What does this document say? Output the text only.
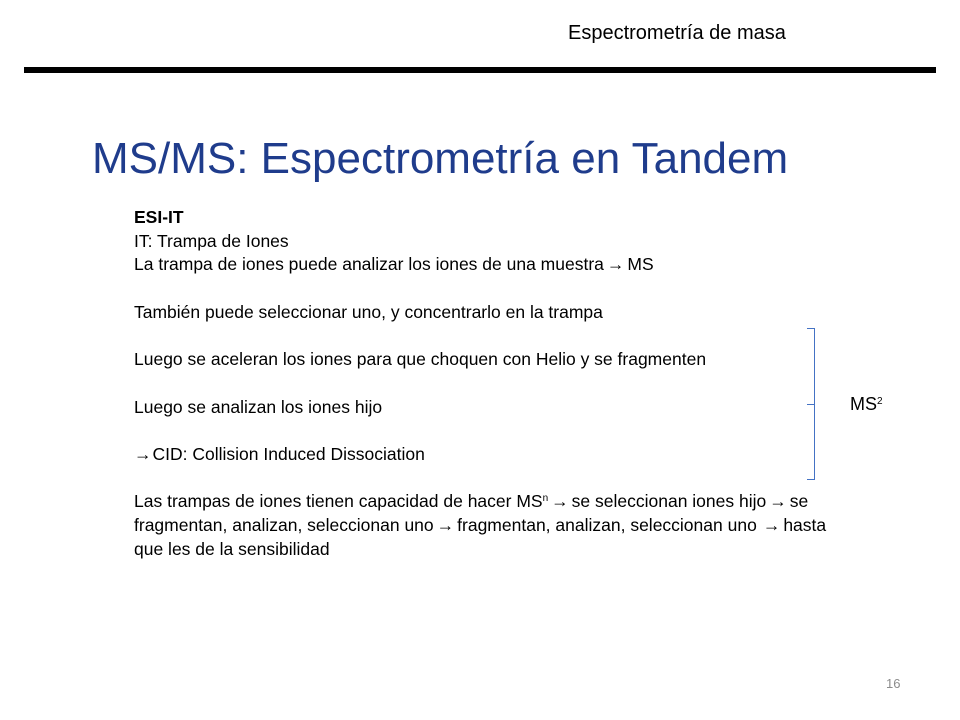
Espectrometría de masa
MS/MS: Espectrometría en Tandem

ESI-IT

IT: Trampa de Iones

La trampa de iones puede analizar los iones de una muestra → MS

También puede seleccionar uno, y concentrarlo en la trampa

Luego se aceleran los iones para que choquen con Helio y se fragmenten

Luego se analizan los iones hijo

→CID: Collision Induced Dissociation

Las trampas de iones tienen capacidad de hacer $MS^n$ → se seleccionan iones hijo → se fragmentan, analizan, seleccionan uno → fragmentan, analizan, seleccionan uno → hasta que les de la sensibilidad

$MS^2$
16
